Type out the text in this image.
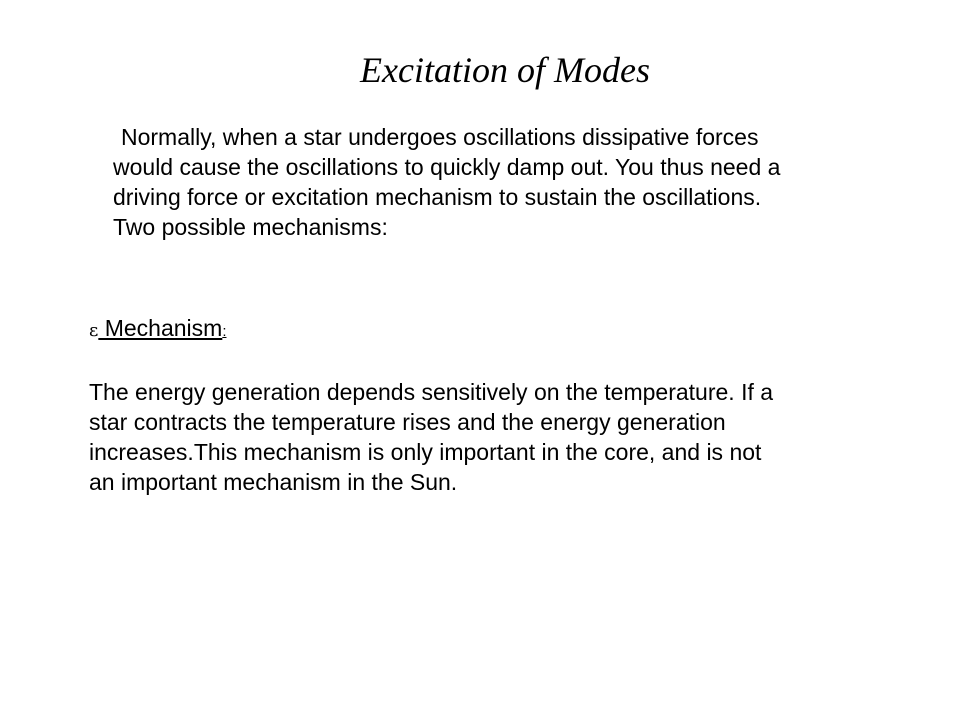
Excitation of Modes

Normally, when a star undergoes oscillations dissipative forces
would cause the oscillations to quickly damp out. You thus need a
driving force or excitation mechanism to sustain the oscillations.
Two possible mechanisms:

ε Mechanism:

The energy generation depends sensitively on the temperature. If a
star contracts the temperature rises and the energy generation
increases.This mechanism is only important in the core, and is not
an important mechanism in the Sun.
